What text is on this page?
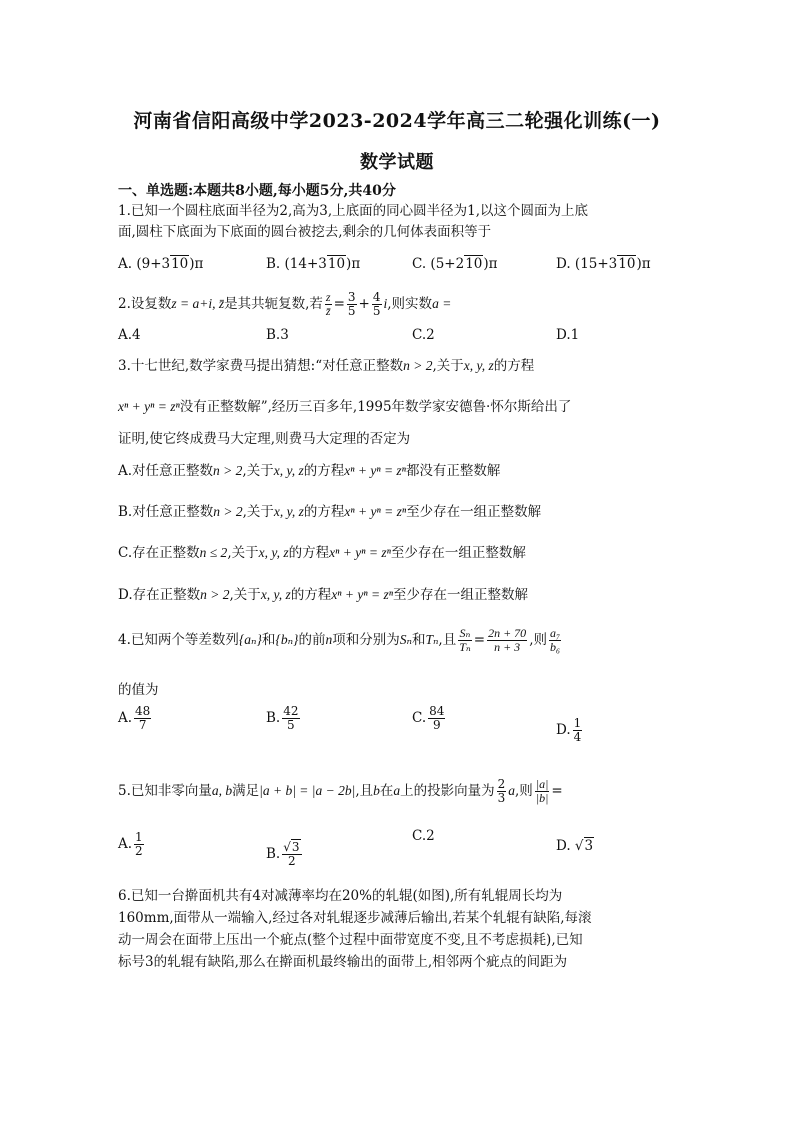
河南省信阳高级中学2023-2024学年高三二轮强化训练(一)
数学试题
一、单选题:本题共8小题,每小题5分,共40分
1.已知一个圆柱底面半径为2,高为3,上底面的同心圆半径为1,以这个圆面为上底
面,圆柱下底面为下底面的圆台被挖去,剩余的几何体表面积等于
A. (9+310)π	B. (14+310)π	C. (5+210)π	D. (15+310)π
2.设复数z = a+i, z̄是其共轭复数,若 $\frac{z}{z̄} = \frac{3}{5} + \frac{4}{5} i$,则实数a =
A.4	B.3	C.2	D.1
3.十七世纪,数学家费马提出猜想:“对任意正整数n > 2,关于x, y, z的方程
xⁿ + yⁿ = zⁿ没有正整数解”,经历三百多年,1995年数学家安德鲁·怀尔斯给出了
证明,使它终成费马大定理,则费马大定理的否定为
A.对任意正整数n > 2,关于x, y, z的方程xⁿ + yⁿ = zⁿ都没有正整数解
B.对任意正整数n > 2,关于x, y, z的方程xⁿ + yⁿ = zⁿ至少存在一组正整数解
C.存在正整数n ≤ 2,关于x, y, z的方程xⁿ + yⁿ = zⁿ至少存在一组正整数解
D.存在正整数n > 2,关于x, y, z的方程xⁿ + yⁿ = zⁿ至少存在一组正整数解
4.已知两个等差数列{aₙ}和{bₙ}的前n项和分别为Sₙ和Tₙ,且 $\frac{\text{Sₙ}}{\text{Tₙ}} = \frac{2n + 70}{n + 3}$ ,则 $\frac{\text{a₇}}{\text{b₆}}$
的值为
A. $\frac{48}{7}$	B. $\frac{42}{5}$	C. $\frac{84}{9}$	D. $\frac{1}{4}$
5.已知非零向量a, b满足|a + b| = |a − 2b|,且b在a上的投影向量为 $\frac{2}{3} a$,则 $\frac{|a|}{|b|}$ =
A. $\frac{1}{2}$	B. $\frac{√3}{2}$
C.2
D. √3
6.已知一台擀面机共有4对减薄率均在20%的轧辊(如图),所有轧辊周长均为
160mm,面带从一端输入,经过各对轧辊逐步减薄后输出,若某个轧辊有缺陷,每滚
动一周会在面带上压出一个疵点(整个过程中面带宽度不变,且不考虑损耗),已知
标号3的轧辊有缺陷,那么在擀面机最终输出的面带上,相邻两个疵点的间距为
